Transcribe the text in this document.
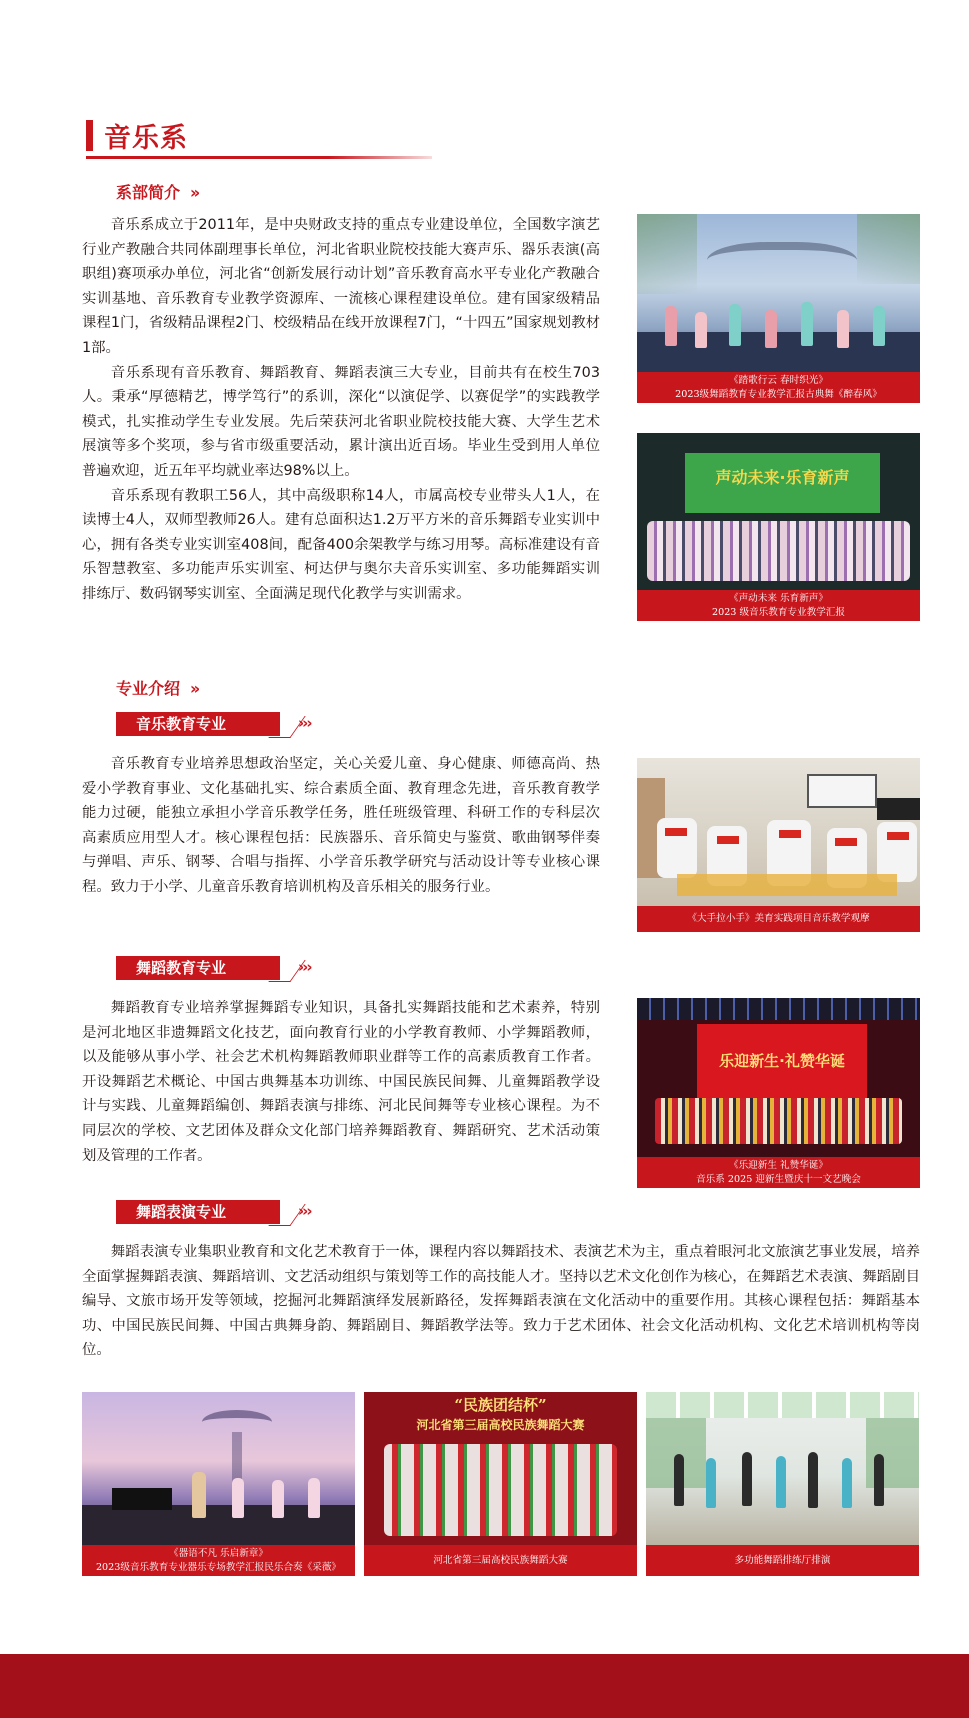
音乐系
系部简介 ››

音乐系成立于2011年，是中央财政支持的重点专业建设单位，全国数字演艺行业产教融合共同体副理事长单位，河北省职业院校技能大赛声乐、器乐表演(高职组)赛项承办单位，河北省“创新发展行动计划”音乐教育高水平专业化产教融合实训基地、音乐教育专业教学资源库、一流核心课程建设单位。建有国家级精品课程1门，省级精品课程2门、校级精品在线开放课程7门，“十四五”国家规划教材1部。

音乐系现有音乐教育、舞蹈教育、舞蹈表演三大专业，目前共有在校生703人。秉承“厚德精艺，博学笃行”的系训，深化“以演促学、以赛促学”的实践教学模式，扎实推动学生专业发展。先后荣获河北省职业院校技能大赛、大学生艺术展演等多个奖项，参与省市级重要活动，累计演出近百场。毕业生受到用人单位普遍欢迎，近五年平均就业率达98%以上。

音乐系现有教职工56人，其中高级职称14人，市属高校专业带头人1人，在读博士4人，双师型教师26人。建有总面积达1.2万平方米的音乐舞蹈专业实训中心，拥有各类专业实训室408间，配备400余架教学与练习用琴。高标准建设有音乐智慧教室、多功能声乐实训室、柯达伊与奥尔夫音乐实训室、多功能舞蹈实训排练厅、数码钢琴实训室、全面满足现代化教学与实训需求。

专业介绍 ››
音乐教育专业	›››

音乐教育专业培养思想政治坚定，关心关爱儿童、身心健康、师德高尚、热爱小学教育事业、文化基础扎实、综合素质全面、教育理念先进，音乐教育教学能力过硬，能独立承担小学音乐教学任务，胜任班级管理、科研工作的专科层次高素质应用型人才。核心课程包括：民族器乐、音乐简史与鉴赏、歌曲钢琴伴奏与弹唱、声乐、钢琴、合唱与指挥、小学音乐教学研究与活动设计等专业核心课程。致力于小学、儿童音乐教育培训机构及音乐相关的服务行业。

舞蹈教育专业	›››

舞蹈教育专业培养掌握舞蹈专业知识，具备扎实舞蹈技能和艺术素养，特别是河北地区非遗舞蹈文化技艺，面向教育行业的小学教育教师、小学舞蹈教师，以及能够从事小学、社会艺术机构舞蹈教师职业群等工作的高素质教育工作者。开设舞蹈艺术概论、中国古典舞基本功训练、中国民族民间舞、儿童舞蹈教学设计与实践、儿童舞蹈编创、舞蹈表演与排练、河北民间舞等专业核心课程。为不同层次的学校、文艺团体及群众文化部门培养舞蹈教育、舞蹈研究、艺术活动策划及管理的工作者。

舞蹈表演专业	›››

舞蹈表演专业集职业教育和文化艺术教育于一体，课程内容以舞蹈技术、表演艺术为主，重点着眼河北文旅演艺事业发展，培养全面掌握舞蹈表演、舞蹈培训、文艺活动组织与策划等工作的高技能人才。坚持以艺术文化创作为核心，在舞蹈艺术表演、舞蹈剧目编导、文旅市场开发等领域，挖掘河北舞蹈演绎发展新路径，发挥舞蹈表演在文化活动中的重要作用。其核心课程包括：舞蹈基本功、中国民族民间舞、中国古典舞身韵、舞蹈剧目、舞蹈教学法等。致力于艺术团体、社会文化活动机构、文化艺术培训机构等岗位。

《踏歌行云 春时织光》
2023级舞蹈教育专业教学汇报古典舞《醉春风》
声动未来·乐育新声
《声动未来 乐育新声》
2023 级音乐教育专业教学汇报
《大手拉小手》美育实践项目音乐教学观摩
乐迎新生·礼赞华诞
《乐迎新生 礼赞华诞》
音乐系 2025 迎新生暨庆十一文艺晚会
《器语不凡 乐启新章》
2023级音乐教育专业器乐专场教学汇报民乐合奏《采薇》
“民族团结杯”
河北省第三届高校民族舞蹈大赛
河北省第三届高校民族舞蹈大赛	多功能舞蹈排练厅排演
